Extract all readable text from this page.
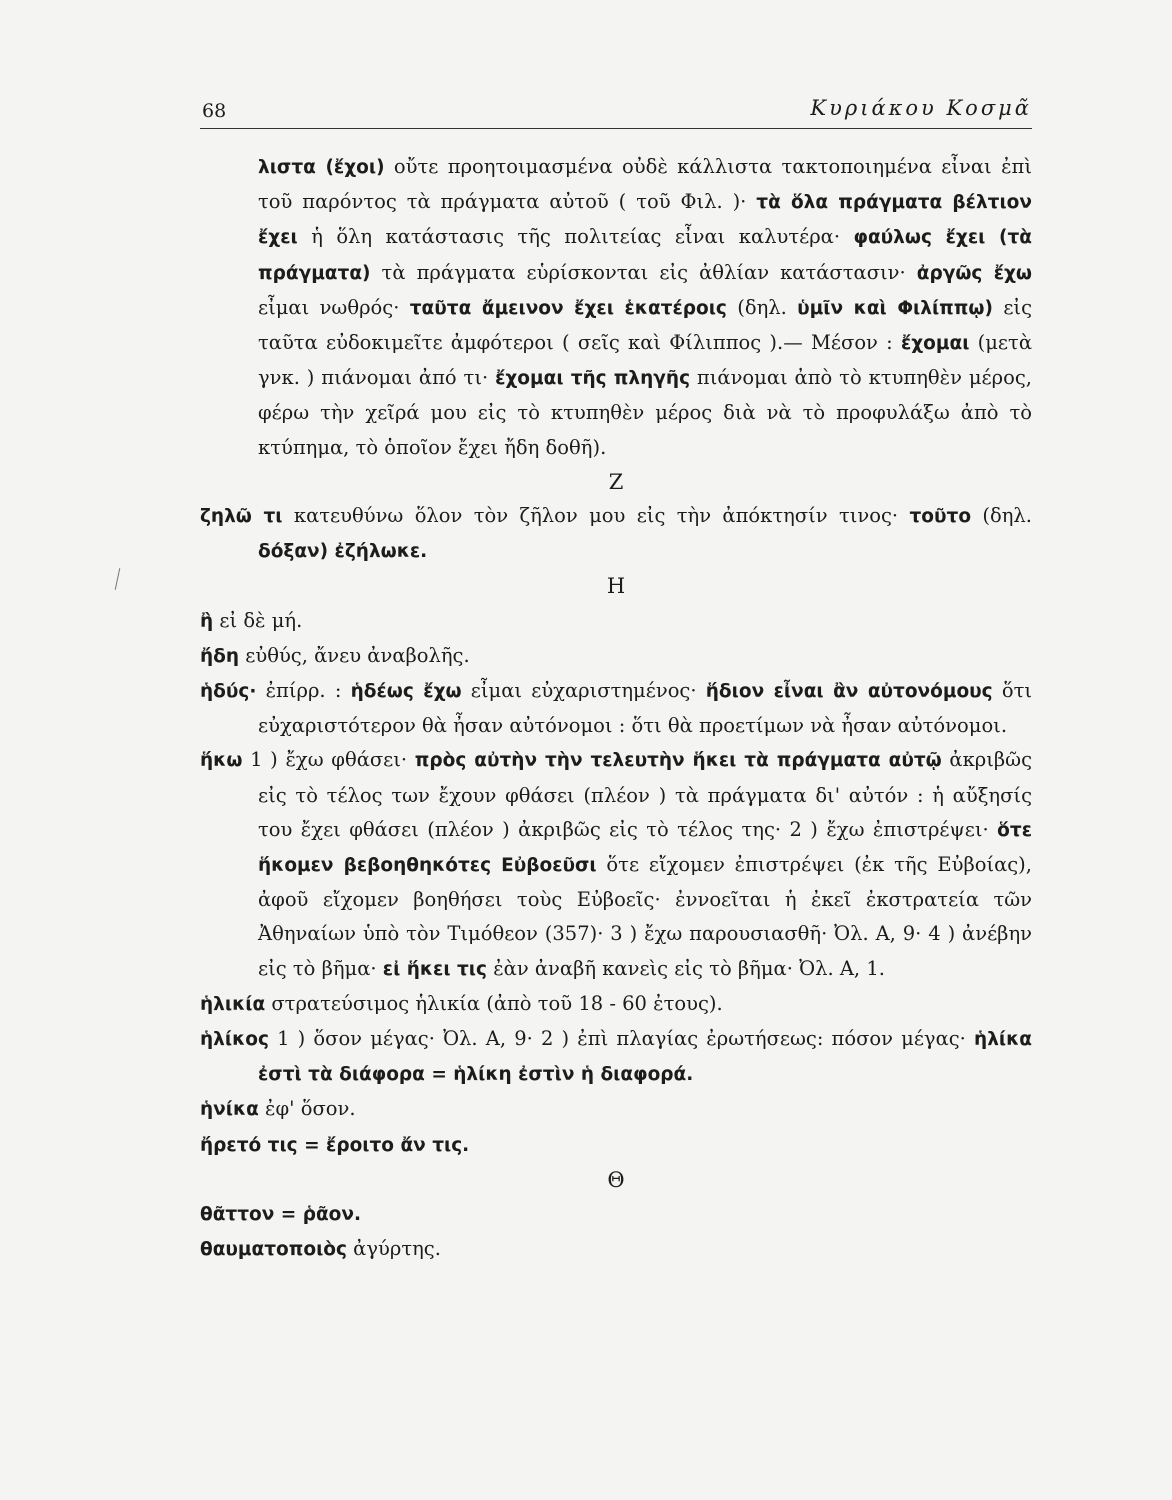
68	Κυριάκου Κοσμᾶ

λιστα (ἔχοι) οὔτε προητοιμασμένα οὐδὲ κάλλιστα τακτοποιημένα εἶναι ἐπὶ τοῦ παρόντος τὰ πράγματα αὐτοῦ ( τοῦ Φιλ. )· τὰ ὅλα πράγματα βέλτιον ἔχει ἡ ὅλη κατάστασις τῆς πολιτείας εἶναι καλυτέρα· φαύλως ἔχει (τὰ πράγματα) τὰ πράγματα εὑρίσκονται εἰς ἀθλίαν κατάστασιν· ἀργῶς ἔχω εἶμαι νωθρός· ταῦτα ἄμεινον ἔχει ἑκατέροις (δηλ. ὑμῖν καὶ Φιλίππῳ) εἰς ταῦτα εὐδοκιμεῖτε ἀμφότεροι ( σεῖς καὶ Φίλιππος ).— Μέσον : ἔχομαι (μετὰ γνκ. ) πιάνομαι ἀπό τι· ἔχομαι τῆς πληγῆς πιάνομαι ἀπὸ τὸ κτυπηθὲν μέρος, φέρω τὴν χεῖρά μου εἰς τὸ κτυπηθὲν μέρος διὰ νὰ τὸ προφυλάξω ἀπὸ τὸ κτύπημα, τὸ ὁποῖον ἔχει ἤδη δοθῆ).

Ζ

ζηλῶ τι κατευθύνω ὅλον τὸν ζῆλον μου εἰς τὴν ἀπόκτησίν τινος· τοῦτο (δηλ. δόξαν) ἐζήλωκε.

Η

ἢ εἰ δὲ μή.

ἤδη εὐθύς, ἄνευ ἀναβολῆς.

ἡδύς· ἐπίρρ. : ἡδέως ἔχω εἶμαι εὐχαριστημένος· ἥδιον εἶναι ἂν αὐτονόμους ὅτι εὐχαριστότερον θὰ ἦσαν αὐτόνομοι : ὅτι θὰ προετίμων νὰ ἦσαν αὐτόνομοι.

ἥκω 1 ) ἔχω φθάσει· πρὸς αὐτὴν τὴν τελευτὴν ἥκει τὰ πράγματα αὐτῷ ἀκριβῶς εἰς τὸ τέλος των ἔχουν φθάσει (πλέον ) τὰ πράγματα δι' αὐτόν : ἡ αὔξησίς του ἔχει φθάσει (πλέον ) ἀκριβῶς εἰς τὸ τέλος της· 2 ) ἔχω ἐπιστρέψει· ὅτε ἥκομεν βεβοηθηκότες Εὐβοεῦσι ὅτε εἴχομεν ἐπιστρέψει (ἐκ τῆς Εὐβοίας), ἀφοῦ εἴχομεν βοηθήσει τοὺς Εὐβοεῖς· ἐννοεῖται ἡ ἐκεῖ ἐκστρατεία τῶν Ἀθηναίων ὑπὸ τὸν Τιμόθεον (357)· 3 ) ἔχω παρουσιασθῆ· Ὀλ. Α, 9· 4 ) ἀνέβην εἰς τὸ βῆμα· εἰ ἥκει τις ἐὰν ἀναβῆ κανεὶς εἰς τὸ βῆμα· Ὀλ. Α, 1.

ἡλικία στρατεύσιμος ἡλικία (ἀπὸ τοῦ 18 - 60 ἐτους).

ἡλίκος 1 ) ὅσον μέγας· Ὀλ. Α, 9· 2 ) ἐπὶ πλαγίας ἐρωτήσεως: πόσον μέγας· ἡλίκα ἐστὶ τὰ διάφορα = ἡλίκη ἐστὶν ἡ διαφορά.

ἡνίκα ἐφ' ὅσον.

ἤρετό τις = ἔροιτο ἄν τις.

Θ

θᾶττον = ῥᾶον.

θαυματοποιὸς ἀγύρτης.
